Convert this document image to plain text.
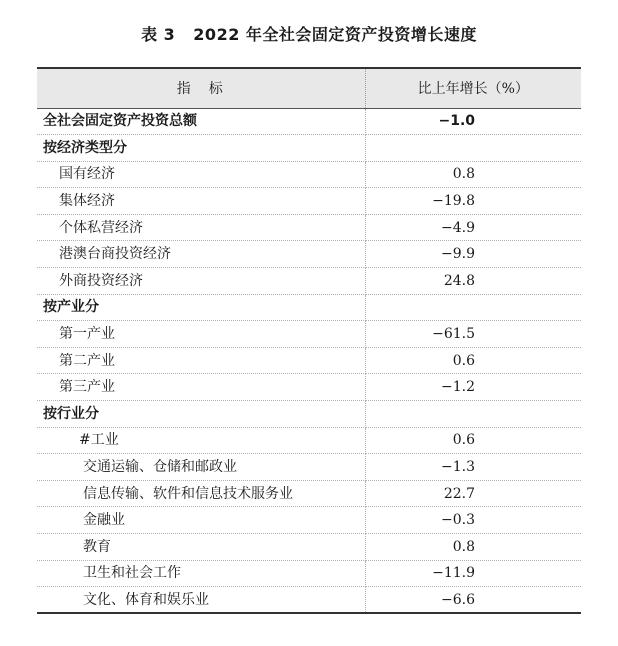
表 3 2022 年全社会固定资产投资增长速度
指　标	比上年增长（%）
全社会固定资产投资总额	−1.0
按经济类型分	
国有经济	0.8
集体经济	−19.8
个体私营经济	−4.9
港澳台商投资经济	−9.9
外商投资经济	24.8
按产业分	
第一产业	−61.5
第二产业	0.6
第三产业	−1.2
按行业分	
#工业	0.6
交通运输、仓储和邮政业	−1.3
信息传输、软件和信息技术服务业	22.7
金融业	−0.3
教育	0.8
卫生和社会工作	−11.9
文化、体育和娱乐业	−6.6
